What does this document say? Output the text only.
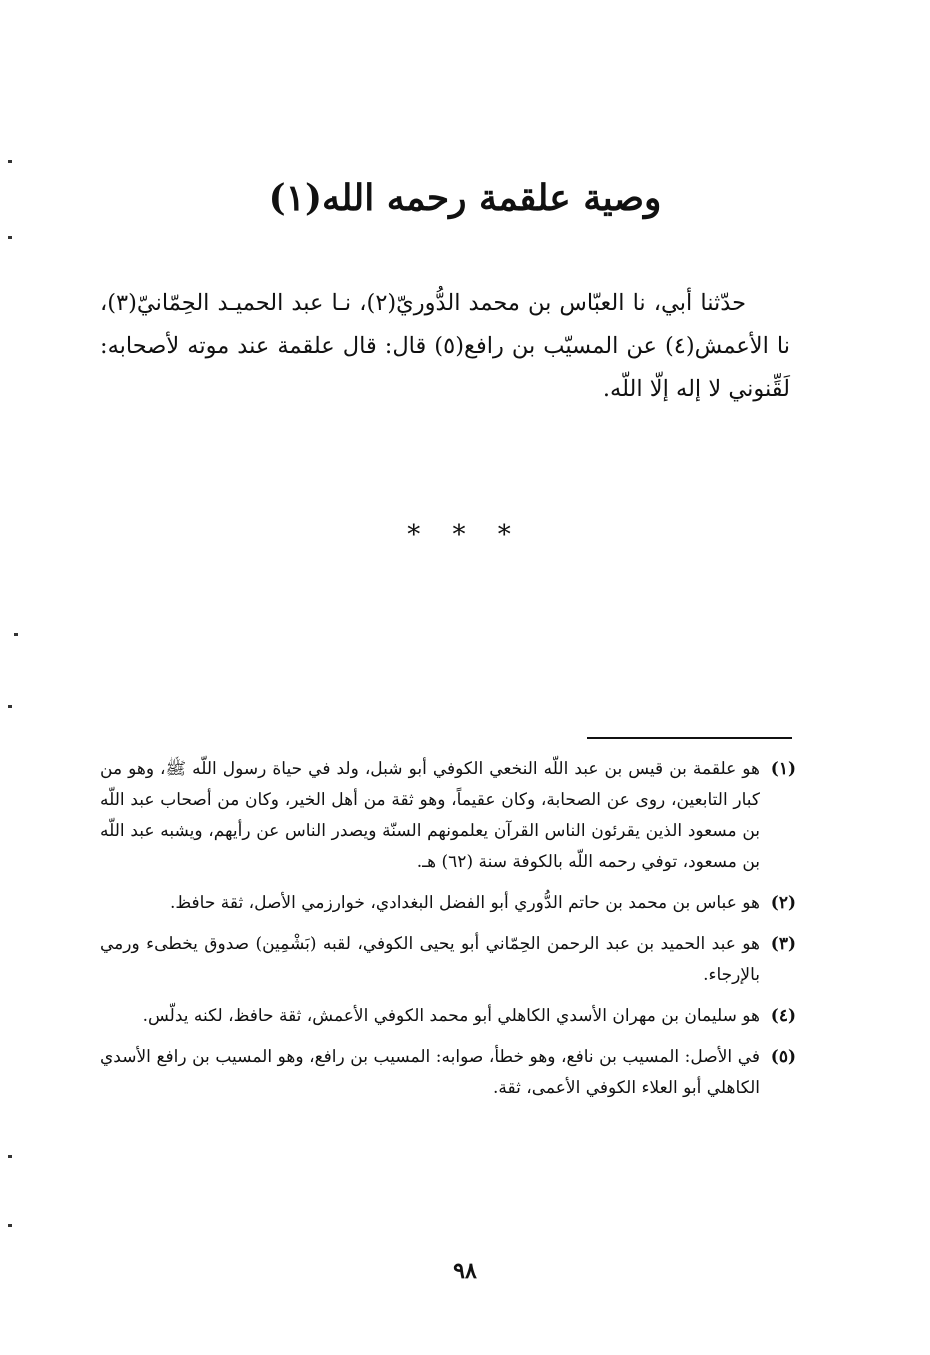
وصية علقمة رحمه الله(١)

حدّثنا أبي، نا العبّاس بن محمد الدُّوريّ(٢)، نـا عبد الحميـد الحِمّانيّ(٣)، نا الأعمش(٤) عن المسيّب بن رافع(٥) قال: قال علقمة عند موته لأصحابه: لَقِّنوني لا إله إلّا اللّه.

* * *
(١)
هو علقمة بن قيس بن عبد اللّه النخعي الكوفي أبو شبل، ولد في حياة رسول اللّه ﷺ، وهو من كبار التابعين، روى عن الصحابة، وكان عقيماً، وهو ثقة من أهل الخير، وكان من أصحاب عبد اللّه بن مسعود الذين يقرئون الناس القرآن يعلمونهم السنّة ويصدر الناس عن رأيهم، ويشبه عبد اللّه بن مسعود، توفي رحمه اللّه بالكوفة سنة (٦٢) هـ.
(٢)
هو عباس بن محمد بن حاتم الدُّوري أبو الفضل البغدادي، خوارزمي الأصل، ثقة حافظ.
(٣)
هو عبد الحميد بن عبد الرحمن الحِمّاني أبو يحيى الكوفي، لقبه (بَشْمِين) صدوق يخطىء ورمي بالإرجاء.
(٤)
هو سليمان بن مهران الأسدي الكاهلي أبو محمد الكوفي الأعمش، ثقة حافظ، لكنه يدلّس.
(٥)
في الأصل: المسيب بن نافع، وهو خطأ، صوابه: المسيب بن رافع، وهو المسيب بن رافع الأسدي الكاهلي أبو العلاء الكوفي الأعمى، ثقة.
٩٨
